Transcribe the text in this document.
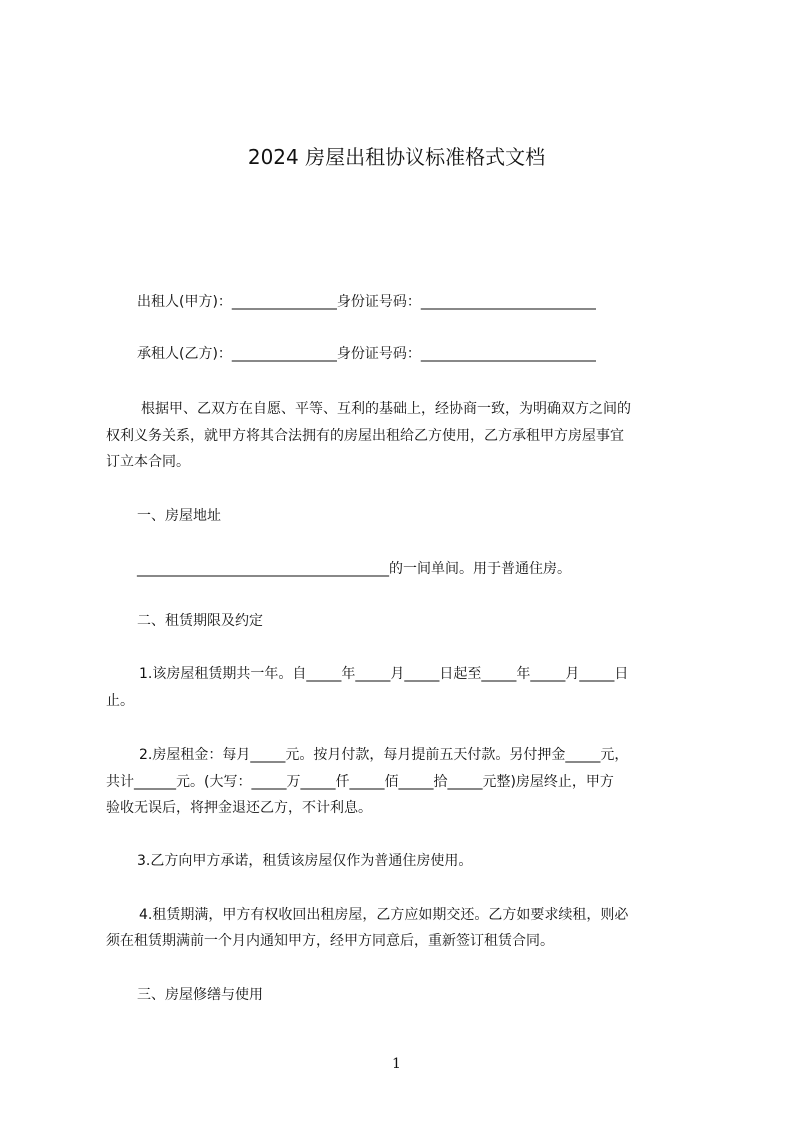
2024 房屋出租协议标准格式文档
出租人(甲方)：_______________身份证号码：_________________________
承租人(乙方)：_______________身份证号码：_________________________
根据甲、乙双方在自愿、平等、互利的基础上，经协商一致，为明确双方之间的
权利义务关系，就甲方将其合法拥有的房屋出租给乙方使用，乙方承租甲方房屋事宜
订立本合同。
一、房屋地址
____________________________________的一间单间。用于普通住房。
二、租赁期限及约定
1.该房屋租赁期共一年。自_____年_____月_____日起至_____年_____月_____日
止。
2.房屋租金：每月_____元。按月付款，每月提前五天付款。另付押金_____元，
共计______元。(大写：_____万_____仟_____佰_____拾_____元整)房屋终止，甲方
验收无误后，将押金退还乙方，不计利息。
3.乙方向甲方承诺，租赁该房屋仅作为普通住房使用。
4.租赁期满，甲方有权收回出租房屋，乙方应如期交还。乙方如要求续租，则必
须在租赁期满前一个月内通知甲方，经甲方同意后，重新签订租赁合同。
三、房屋修缮与使用
1
